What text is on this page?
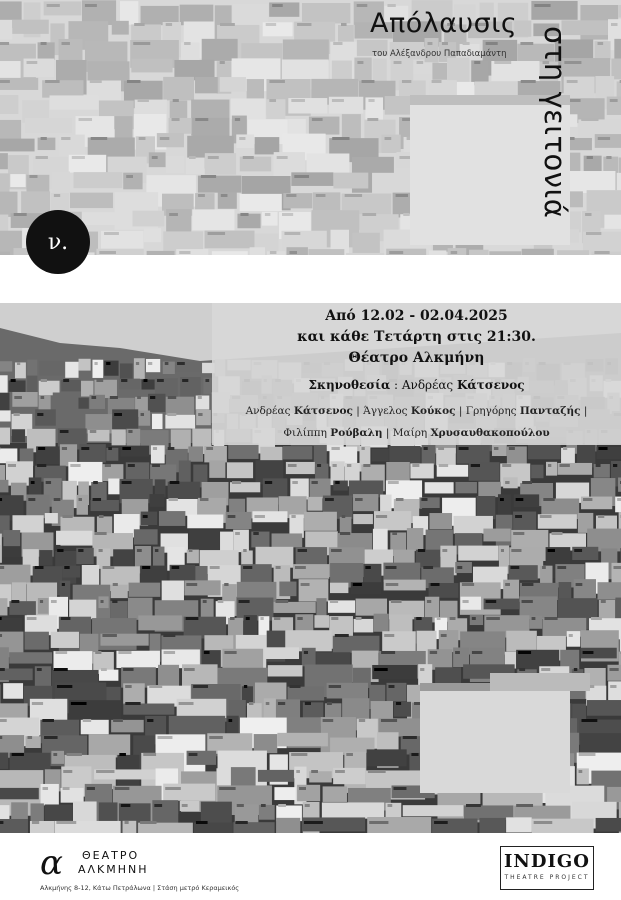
Απόλαυσις
του Αλέξανδρου Παπαδιαμάντη στη γειτονιά
ν.
Από 12.02 - 02.04.2025
και κάθε Τετάρτη στις 21:30.
Θέατρο Αλκμήνη
Σκηνοθεσία : Ανδρέας Κάτσενος
Ανδρέας Κάτσενος | Άγγελος Κούκος | Γρηγόρης Πανταζής |
Φιλίππη Ρούβαλη | Μαίρη Χρυσαυθακοπούλου
α ΘΕΑΤΡΟ
ΑΛΚΜΗΝΗ
Αλκμήνης 8-12, Κάτω Πετράλωνα | Στάση μετρό Κεραμεικός
INDIGO
THEATRE PROJECT
